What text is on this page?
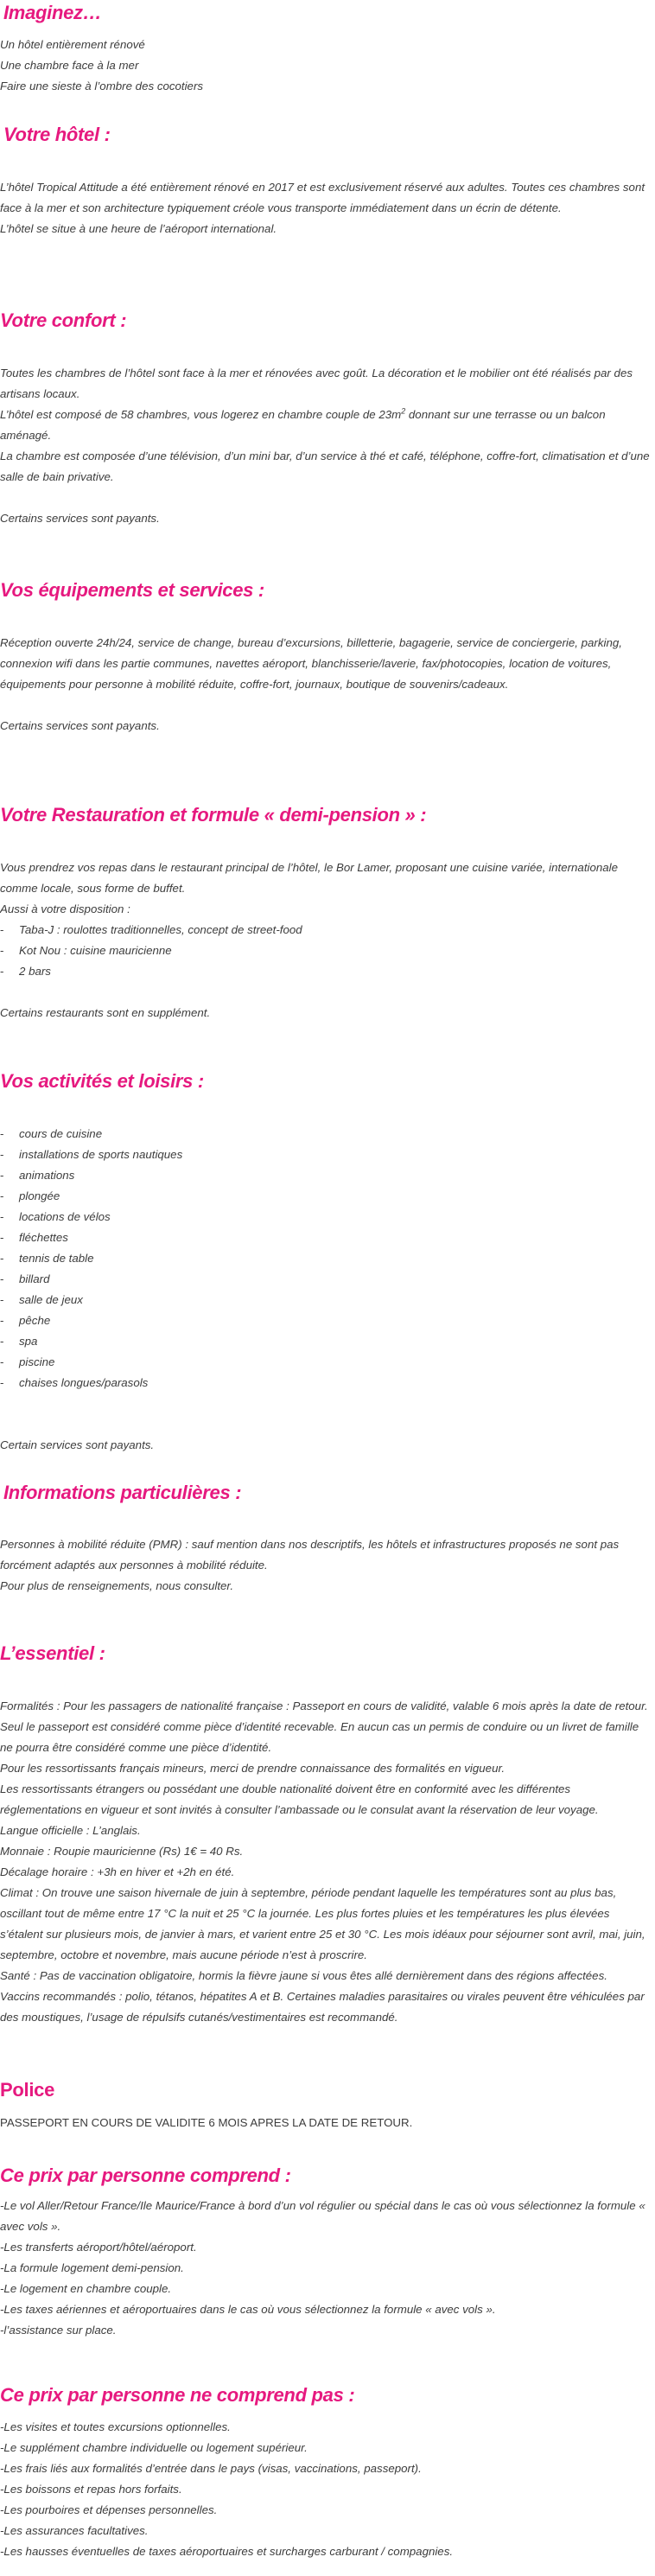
Imaginez…

Un hôtel entièrement rénové

Une chambre face à la mer

Faire une sieste à l’ombre des cocotiers

Votre hôtel :

L’hôtel Tropical Attitude a été entièrement rénové en 2017 et est exclusivement réservé aux adultes. Toutes ces chambres sont face à la mer et son architecture typiquement créole vous transporte immédiatement dans un écrin de détente.

L’hôtel se situe à une heure de l’aéroport international.

Votre confort :

Toutes les chambres de l’hôtel sont face à la mer et rénovées avec goût. La décoration et le mobilier ont été réalisés par des artisans locaux.

L’hôtel est composé de 58 chambres, vous logerez en chambre couple de $23m^2$ donnant sur une terrasse ou un balcon aménagé.

La chambre est composée d’une télévision, d’un mini bar, d’un service à thé et café, téléphone, coffre-fort, climatisation et d’une salle de bain privative.

Certains services sont payants.

Vos équipements et services :

Réception ouverte 24h/24, service de change, bureau d’excursions, billetterie, bagagerie, service de conciergerie, parking, connexion wifi dans les partie communes, navettes aéroport, blanchisserie/laverie, fax/photocopies, location de voitures, équipements pour personne à mobilité réduite, coffre-fort, journaux, boutique de souvenirs/cadeaux.

Certains services sont payants.

Votre Restauration et formule « demi-pension » :

Vous prendrez vos repas dans le restaurant principal de l’hôtel, le Bor Lamer, proposant une cuisine variée, internationale comme locale, sous forme de buffet.

Aussi à votre disposition :

- Taba-J : roulottes traditionnelles, concept de street-food
- Kot Nou : cuisine mauricienne
- 2 bars
Certains restaurants sont en supplément.
Vos activités et loisirs :
- cours de cuisine
- installations de sports nautiques
- animations
- plongée
- locations de vélos
- fléchettes
- tennis de table
- billard
- salle de jeux
- pêche
- spa
- piscine
- chaises longues/parasols
Certain services sont payants.
Informations particulières :

Personnes à mobilité réduite (PMR) : sauf mention dans nos descriptifs, les hôtels et infrastructures proposés ne sont pas forcément adaptés aux personnes à mobilité réduite.

Pour plus de renseignements, nous consulter.

L’essentiel :

Formalités : Pour les passagers de nationalité française : Passeport en cours de validité, valable 6 mois après la date de retour. Seul le passeport est considéré comme pièce d’identité recevable. En aucun cas un permis de conduire ou un livret de famille ne pourra être considéré comme une pièce d’identité.

Pour les ressortissants français mineurs, merci de prendre connaissance des formalités en vigueur.

Les ressortissants étrangers ou possédant une double nationalité doivent être en conformité avec les différentes réglementations en vigueur et sont invités à consulter l’ambassade ou le consulat avant la réservation de leur voyage.

Langue officielle : L’anglais.

Monnaie : Roupie mauricienne (Rs) 1€ = 40 Rs.

Décalage horaire : +3h en hiver et +2h en été.

Climat : On trouve une saison hivernale de juin à septembre, période pendant laquelle les températures sont au plus bas, oscillant tout de même entre 17 °C la nuit et 25 °C la journée. Les plus fortes pluies et les températures les plus élevées s’étalent sur plusieurs mois, de janvier à mars, et varient entre 25 et 30 °C. Les mois idéaux pour séjourner sont avril, mai, juin, septembre, octobre et novembre, mais aucune période n’est à proscrire.

Santé : Pas de vaccination obligatoire, hormis la fièvre jaune si vous êtes allé dernièrement dans des régions affectées.

Vaccins recommandés : polio, tétanos, hépatites A et B. Certaines maladies parasitaires ou virales peuvent être véhiculées par des moustiques, l’usage de répulsifs cutanés/vestimentaires est recommandé.

Police
PASSEPORT EN COURS DE VALIDITE 6 MOIS APRES LA DATE DE RETOUR.
Ce prix par personne comprend :

-Le vol Aller/Retour France/Ile Maurice/France à bord d’un vol régulier ou spécial dans le cas où vous sélectionnez la formule « avec vols ».

-Les transferts aéroport/hôtel/aéroport.

-La formule logement demi-pension.

-Le logement en chambre couple.

-Les taxes aériennes et aéroportuaires dans le cas où vous sélectionnez la formule « avec vols ».

-l’assistance sur place.

Ce prix par personne ne comprend pas :

-Les visites et toutes excursions optionnelles.

-Le supplément chambre individuelle ou logement supérieur.

-Les frais liés aux formalités d’entrée dans le pays (visas, vaccinations, passeport).

-Les boissons et repas hors forfaits.

-Les pourboires et dépenses personnelles.

-Les assurances facultatives.

-Les hausses éventuelles de taxes aéroportuaires et surcharges carburant / compagnies.
